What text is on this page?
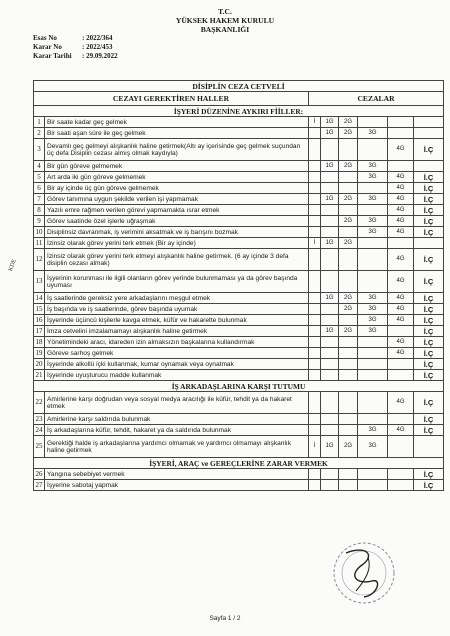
T.C.
YÜKSEK HAKEM KURULU
BAŞKANLIĞI
Esas No	: 2022/364
Karar No	: 2022/453
Karar Tarihi : 29.09.2022
KDE
DİSİPLİN CEZA CETVELİ							
CEZAYI GEREKTİREN HALLER		CEZALAR					
İŞYERİ DÜZENİNE AYKIRI FİİLLER:							
1	Bir saate kadar geç gelmek	İ	1G	2G			
2	Bir saati aşan süre ile geç gelmek		1G	2G	3G		
3	Devamlı geç gelmeyi alışkanlık haline getirmek(Altı ay içerisinde geç gelmek suçundan üç defa Disiplin cezası almış olmak kaydıyla)					4G	İ.Ç
4	Bir gün göreve gelmemek		1G	2G	3G		
5	Art arda iki gün göreve gelmemek				3G	4G	İ.Ç
6	Bir ay içinde üç gün göreve gelmemek					4G	İ.Ç
7	Görev tanımına uygun şekilde verilen işi yapmamak		1G	2G	3G	4G	İ.Ç
8	Yazılı emre rağmen verilen görevi yapmamakta ısrar etmek					4G	İ.Ç
9	Görev saatinde özel işlerle uğraşmak			2G	3G	4G	İ.Ç
10	Disiplinsiz davranmak, iş verimini aksatmak ve iş barışını bozmak				3G	4G	İ.Ç
11	İzinsiz olarak görev yerini terk etmek (Bir ay içinde)	İ	1G	2G			
12	İzinsiz olarak görev yerini terk etmeyi alışkanlık haline getirmek. (6 ay içinde 3 defa disiplin cezası almak)					4G	İ.Ç
13	İşyerinin korunması ile ilgili olanların görev yerinde bulunmaması ya da görev başında uyuması					4G	İ.Ç
14	İş saatlerinde gereksiz yere arkadaşlarını meşgul etmek		1G	2G	3G	4G	İ.Ç
15	İş başında ve iş saatlerinde, görev başında uyumak			2G	3G	4G	İ.Ç
16	İşyerinde üçüncü kişilerle kavga etmek, küfür ve hakarette bulunmak				3G	4G	İ.Ç
17	İmza cetvelini imzalamamayı alışkanlık haline getirmek		1G	2G	3G		İ.Ç
18	Yönetimindeki aracı, idareden izin almaksızın başkalarına kullandırmak					4G	İ.Ç
19	Göreve sarhoş gelmek					4G	İ.Ç
20	İşyerinde alkollü içki kullanmak, kumar oynamak veya oynatmak						İ.Ç
21	İşyerinde uyuşturucu madde kullanmak						İ.Ç
İŞ ARKADAŞLARINA KARŞI TUTUMU							
22	Amirlerine karşı doğrudan veya sosyal medya aracılığı ile küfür, tehdit ya da hakaret etmek					4G	İ.Ç
23	Amirlerine karşı saldırıda bulunmak						İ.Ç
24	İş arkadaşlarına küfür, tehdit, hakaret ya da saldırıda bulunmak				3G	4G	İ.Ç
25	Gerektiği halde iş arkadaşlarına yardımcı olmamak ve yardımcı olmamayı alışkanlık haline getirmek	İ	1G	2G	3G		
İŞYERİ, ARAÇ ve GEREÇLERİNE ZARAR VERMEK							
26	Yangına sebebiyet vermek						İ.Ç
27	İşyerine sabotaj yapmak						İ.Ç
Sayfa 1 / 2
